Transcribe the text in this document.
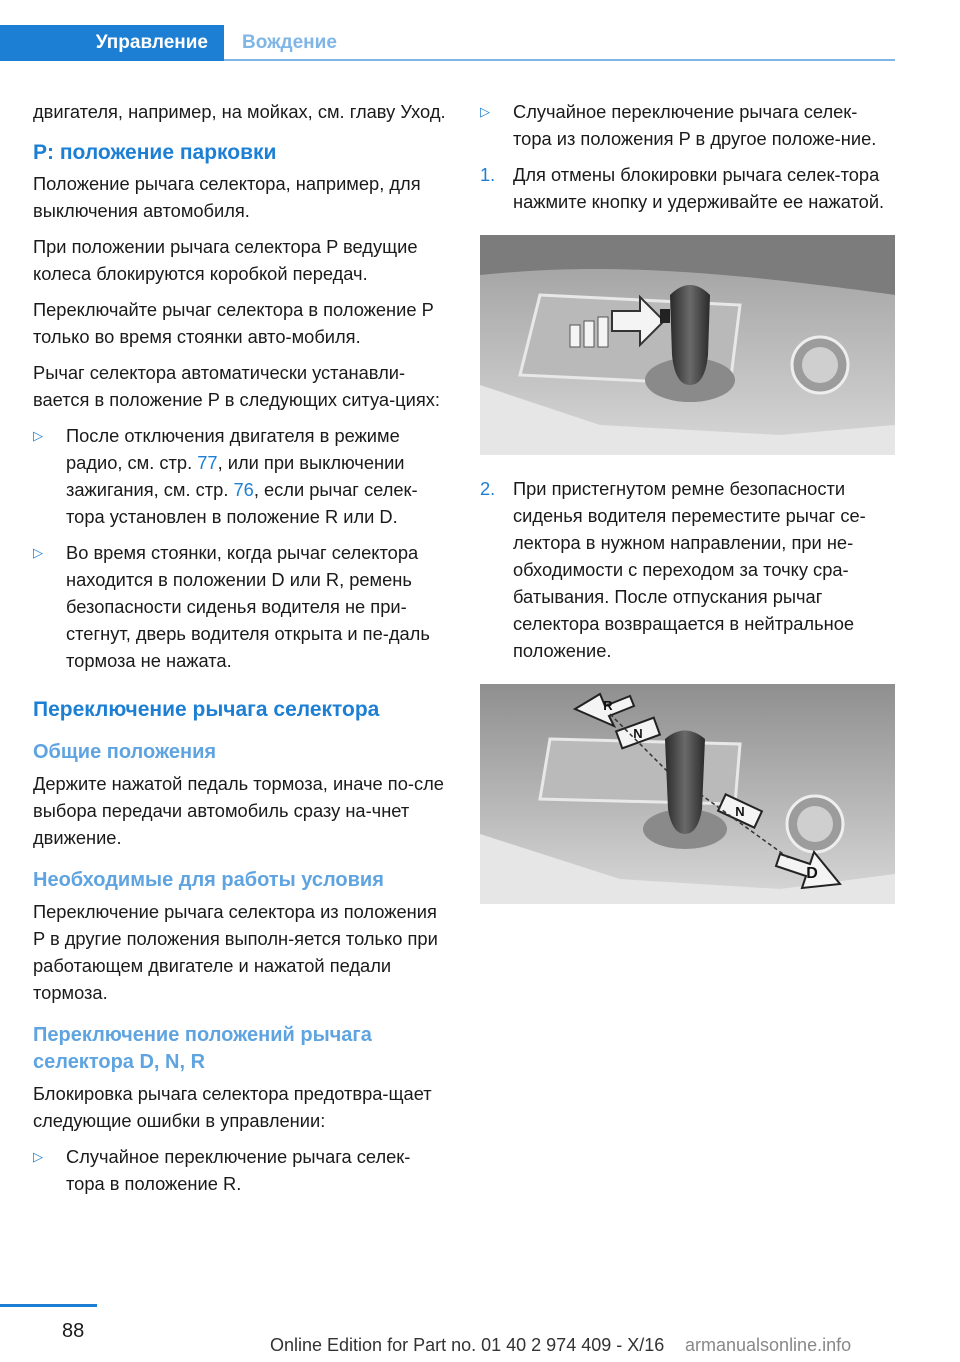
Управление	Вождение

двигателя, например, на мойках, см. главу Уход.

P: положение парковки

Положение рычага селектора, например, для выключения автомобиля.

При положении рычага селектора P ведущие колеса блокируются коробкой передач.

Переключайте рычаг селектора в положение P только во время стоянки авто‐мобиля.

Рычаг селектора автоматически устанавли‐вается в положение P в следующих ситуа‐циях:

▷ После отключения двигателя в режиме радио, см. стр. 77, или при выключении зажигания, см. стр. 76, если рычаг селек‐тора установлен в положение R или D.
▷ Во время стоянки, когда рычаг селектора находится в положении D или R, ремень безопасности сиденья водителя не при‐стегнут, дверь водителя открыта и пе‐даль тормоза не нажата.
Переключение рычага селектора
Общие положения

Держите нажатой педаль тормоза, иначе по‐сле выбора передачи автомобиль сразу на‐чнет движение.

Необходимые для работы условия

Переключение рычага селектора из положения P в другие положения выполн‐яется только при работающем двигателе и нажатой педали тормоза.

Переключение положений рычага селектора D, N, R

Блокировка рычага селектора предотвра‐щает следующие ошибки в управлении:

▷ Случайное переключение рычага селек‐тора в положение R.
▷ Случайное переключение рычага селек‐тора из положения P в другое положе‐ние.
1. Для отмены блокировки рычага селек‐тора нажмите кнопку и удерживайте ее нажатой.
2. При пристегнутом ремне безопасности сиденья водителя переместите рычаг се‐лектора в нужном направлении, при не‐обходимости с переходом за точку сра‐батывания. После отпускания рычаг селектора возвращается в нейтральное положение.
R
N
N
D
88
Online Edition for Part no. 01 40 2 974 409 - X/16 armanualsonline.info
